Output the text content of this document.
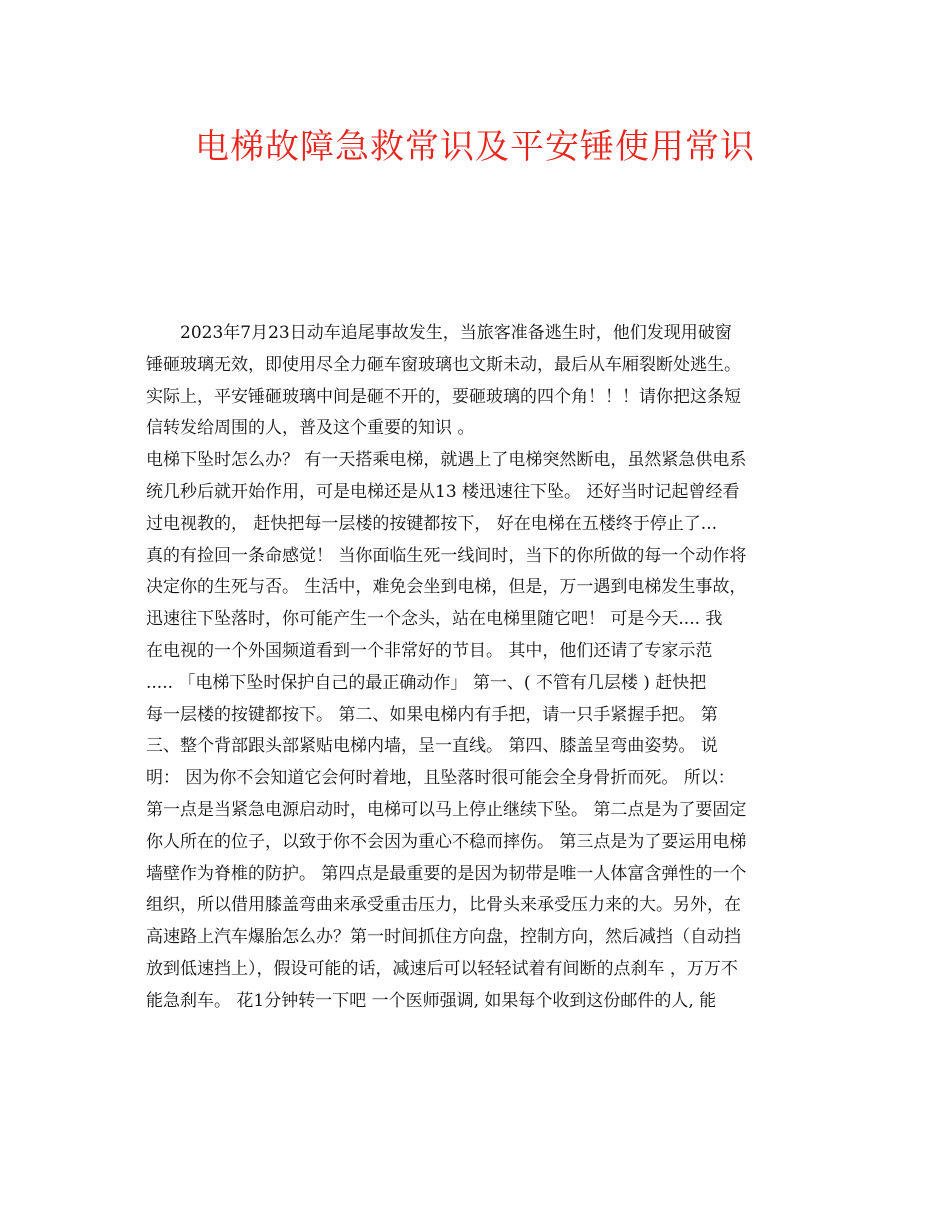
电梯故障急救常识及平安锤使用常识
　　2023年7月23日动车追尾事故发生，当旅客准备逃生时，他们发现用破窗
锤砸玻璃无效，即使用尽全力砸车窗玻璃也文斯未动，最后从车厢裂断处逃生。
实际上，平安锤砸玻璃中间是砸不开的，要砸玻璃的四个角！！！请你把这条短
信转发给周围的人，普及这个重要的知识 。
电梯下坠时怎么办？ 有一天搭乘电梯，就遇上了电梯突然断电，虽然紧急供电系
统几秒后就开始作用，可是电梯还是从13 楼迅速往下坠。 还好当时记起曾经看
过电视教的， 赶快把每一层楼的按键都按下， 好在电梯在五楼终于停止了...
真的有捡回一条命感觉！ 当你面临生死一线间时，当下的你所做的每一个动作将
决定你的生死与否。 生活中，难免会坐到电梯，但是，万一遇到电梯发生事故，
迅速往下坠落时，你可能产生一个念头，站在电梯里随它吧！ 可是今天.... 我
在电视的一个外国频道看到一个非常好的节目。 其中，他们还请了专家示范
..... 「电梯下坠时保护自己的最正确动作」 第一、( 不管有几层楼 ) 赶快把
每一层楼的按键都按下。 第二、如果电梯内有手把，请一只手紧握手把。 第
三、整个背部跟头部紧贴电梯内墙，呈一直线。 第四、膝盖呈弯曲姿势。 说
明： 因为你不会知道它会何时着地，且坠落时很可能会全身骨折而死。 所以：
第一点是当紧急电源启动时，电梯可以马上停止继续下坠。 第二点是为了要固定
你人所在的位子，以致于你不会因为重心不稳而摔伤。 第三点是为了要运用电梯
墙壁作为脊椎的防护。 第四点是最重要的是因为韧带是唯一人体富含弹性的一个
组织，所以借用膝盖弯曲来承受重击压力，比骨头来承受压力来的大。另外，在
高速路上汽车爆胎怎么办？第一时间抓住方向盘，控制方向，然后减挡（自动挡
放到低速挡上），假设可能的话，减速后可以轻轻试着有间断的点刹车 ，万万不
能急刹车。 花1分钟转一下吧 一个医师强调, 如果每个收到这份邮件的人, 能
